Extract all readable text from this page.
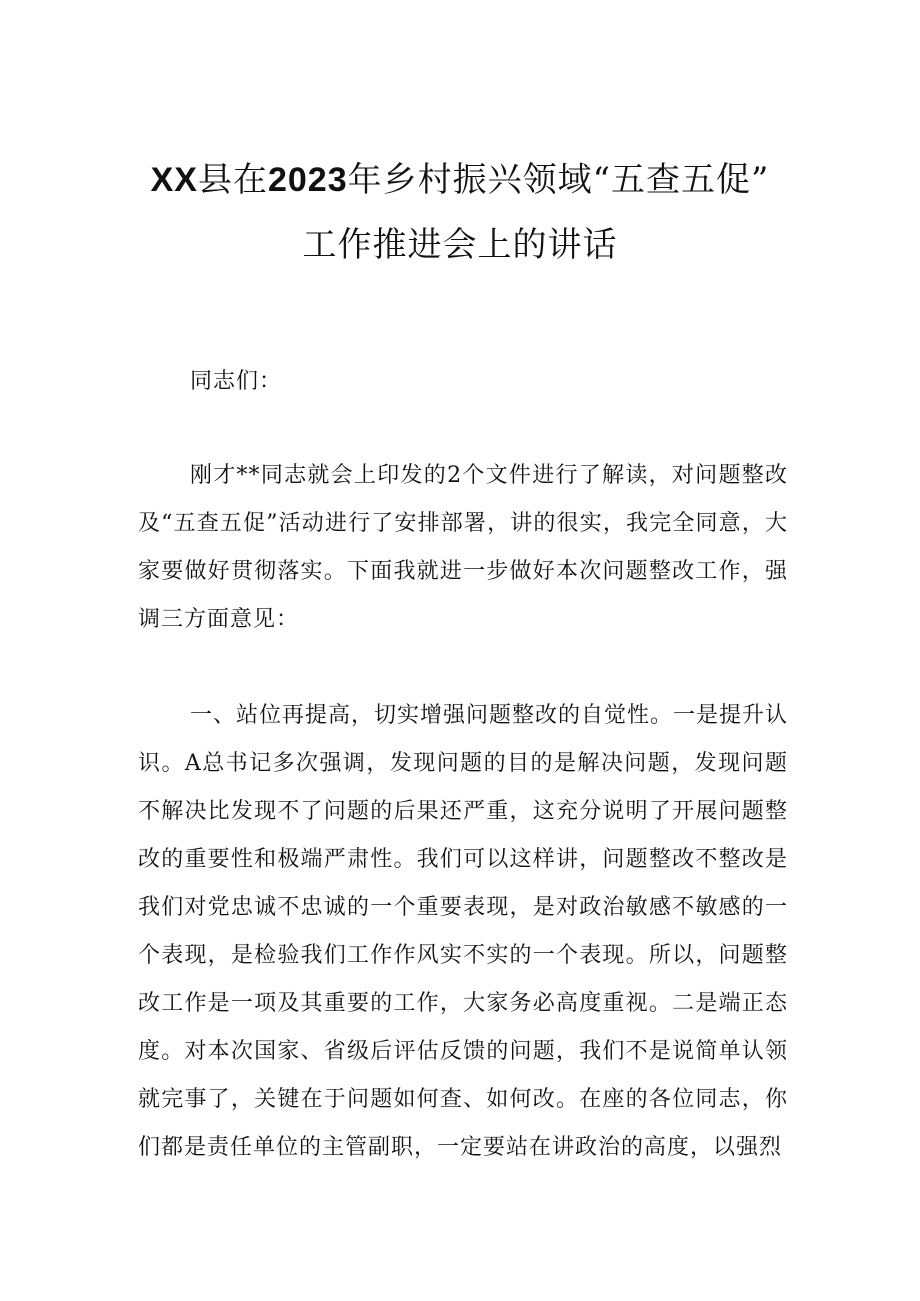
XX县在2023年乡村振兴领域“五查五促”
工作推进会上的讲话

同志们：

刚才**同志就会上印发的2个文件进行了解读，对问题整改及“五查五促”活动进行了安排部署，讲的很实，我完全同意，大家要做好贯彻落实。下面我就进一步做好本次问题整改工作，强调三方面意见：

一、站位再提高，切实增强问题整改的自觉性。一是提升认识。A总书记多次强调，发现问题的目的是解决问题，发现问题不解决比发现不了问题的后果还严重，这充分说明了开展问题整改的重要性和极端严肃性。我们可以这样讲，问题整改不整改是我们对党忠诚不忠诚的一个重要表现，是对政治敏感不敏感的一个表现，是检验我们工作作风实不实的一个表现。所以，问题整改工作是一项及其重要的工作，大家务必高度重视。二是端正态度。对本次国家、省级后评估反馈的问题，我们不是说简单认领就完事了，关键在于问题如何查、如何改。在座的各位同志，你们都是责任单位的主管副职，一定要站在讲政治的高度，以强烈
